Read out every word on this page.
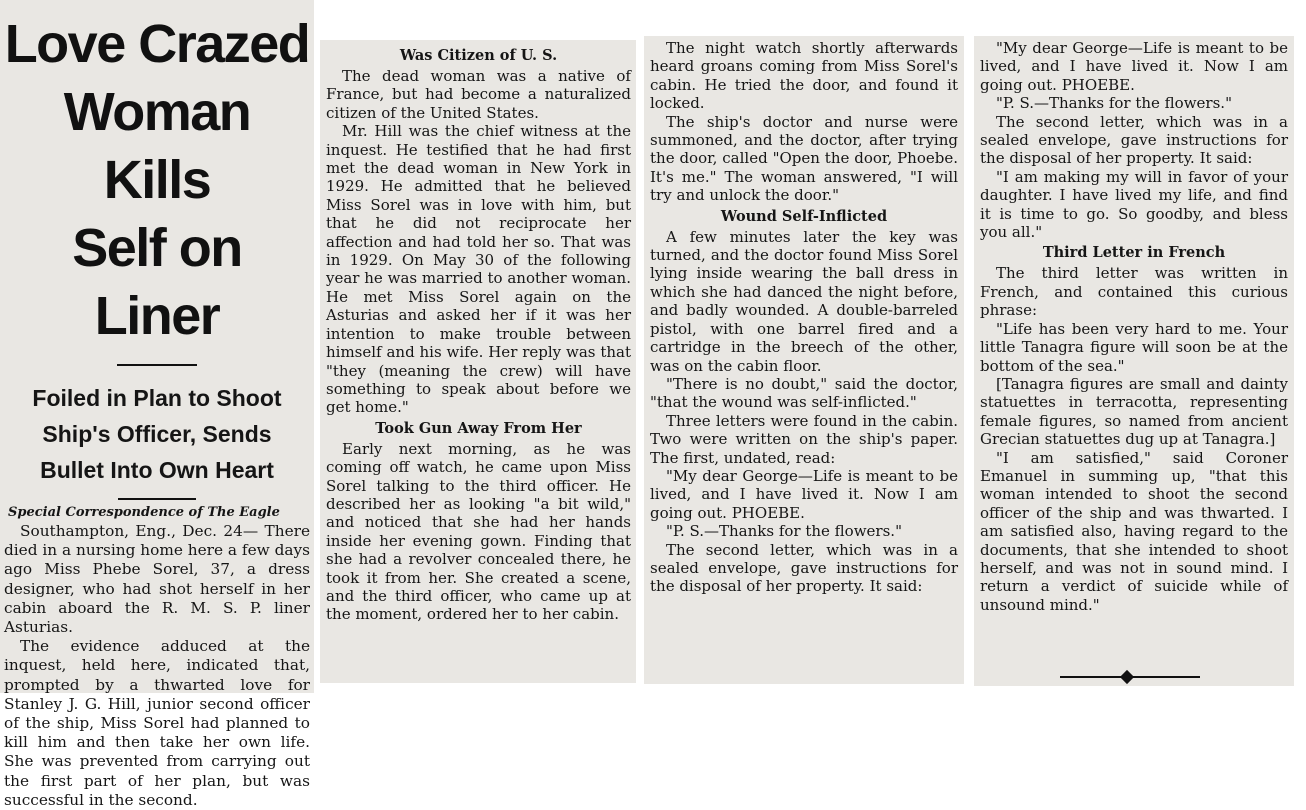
Love Crazed
Woman Kills
Self on Liner
Foiled in Plan to Shoot
Ship's Officer, Sends
Bullet Into Own Heart
Special Correspondence of The Eagle

Southampton, Eng., Dec. 24— There died in a nursing home here a few days ago Miss Phebe Sorel, 37, a dress designer, who had shot herself in her cabin aboard the R. M. S. P. liner Asturias.

The evidence adduced at the inquest, held here, indicated that, prompted by a thwarted love for Stanley J. G. Hill, junior second officer of the ship, Miss Sorel had planned to kill him and then take her own life. She was prevented from carrying out the first part of her plan, but was successful in the second.

Was Citizen of U. S.

The dead woman was a native of France, but had become a naturalized citizen of the United States.

Mr. Hill was the chief witness at the inquest. He testified that he had first met the dead woman in New York in 1929. He admitted that he believed Miss Sorel was in love with him, but that he did not reciprocate her affection and had told her so. That was in 1929. On May 30 of the following year he was married to another woman. He met Miss Sorel again on the Asturias and asked her if it was her intention to make trouble between himself and his wife. Her reply was that "they (meaning the crew) will have something to speak about before we get home."

Took Gun Away From Her

Early next morning, as he was coming off watch, he came upon Miss Sorel talking to the third officer. He described her as looking "a bit wild," and noticed that she had her hands inside her evening gown. Finding that she had a revolver concealed there, he took it from her. She created a scene, and the third officer, who came up at the moment, ordered her to her cabin.

The night watch shortly afterwards heard groans coming from Miss Sorel's cabin. He tried the door, and found it locked.

The ship's doctor and nurse were summoned, and the doctor, after trying the door, called "Open the door, Phoebe. It's me." The woman answered, "I will try and unlock the door."

Wound Self-Inflicted

A few minutes later the key was turned, and the doctor found Miss Sorel lying inside wearing the ball dress in which she had danced the night before, and badly wounded. A double-barreled pistol, with one barrel fired and a cartridge in the breech of the other, was on the cabin floor.

"There is no doubt," said the doctor, "that the wound was self-inflicted."

Three letters were found in the cabin. Two were written on the ship's paper. The first, undated, read:

"My dear George—Life is meant to be lived, and I have lived it. Now I am going out. PHOEBE.

"P. S.—Thanks for the flowers."

The second letter, which was in a sealed envelope, gave instructions for the disposal of her property. It said:

"My dear George—Life is meant to be lived, and I have lived it. Now I am going out. PHOEBE.

"P. S.—Thanks for the flowers."

The second letter, which was in a sealed envelope, gave instructions for the disposal of her property. It said:

"I am making my will in favor of your daughter. I have lived my life, and find it is time to go. So goodby, and bless you all."

Third Letter in French

The third letter was written in French, and contained this curious phrase:

"Life has been very hard to me. Your little Tanagra figure will soon be at the bottom of the sea."

[Tanagra figures are small and dainty statuettes in terracotta, representing female figures, so named from ancient Grecian statuettes dug up at Tanagra.]

"I am satisfied," said Coroner Emanuel in summing up, "that this woman intended to shoot the second officer of the ship and was thwarted. I am satisfied also, having regard to the documents, that she intended to shoot herself, and was not in sound mind. I return a verdict of suicide while of unsound mind."
